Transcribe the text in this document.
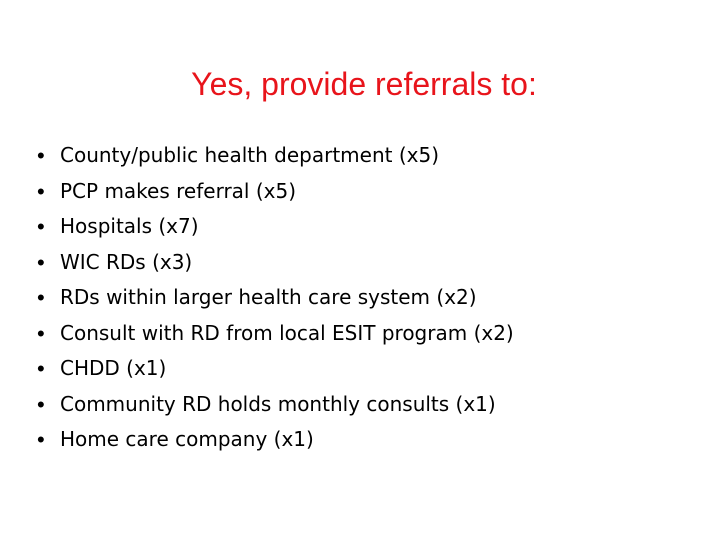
Yes, provide referrals to:
• County/public health department (x5)
• PCP makes referral (x5)
• Hospitals (x7)
• WIC RDs (x3)
• RDs within larger health care system (x2)
• Consult with RD from local ESIT program (x2)
• CHDD (x1)
• Community RD holds monthly consults (x1)
• Home care company (x1)
